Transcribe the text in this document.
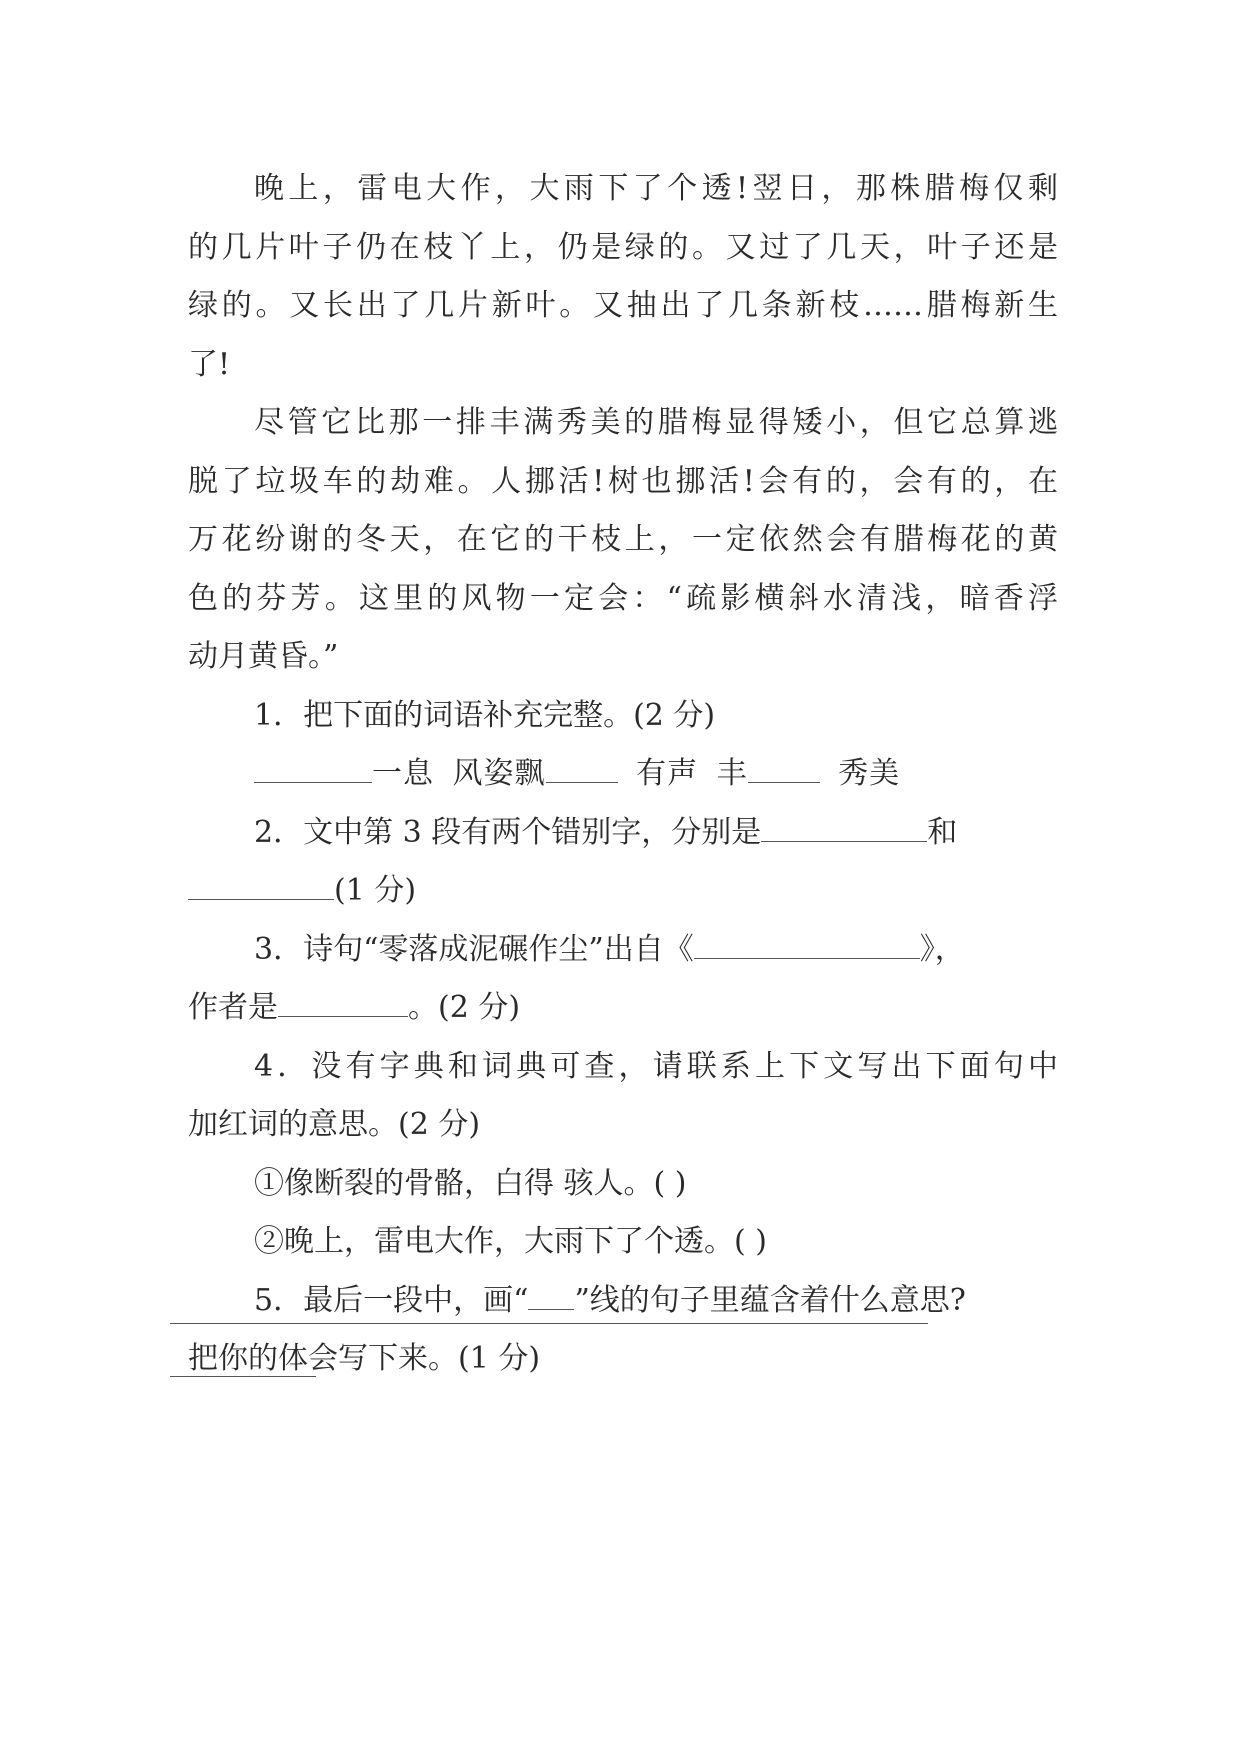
晚上，雷电大作，大雨下了个透!翌日，那株腊梅仅剩
的几片叶子仍在枝丫上，仍是绿的。又过了几天，叶子还是
绿的。又长出了几片新叶。又抽出了几条新枝……腊梅新生
了!
尽管它比那一排丰满秀美的腊梅显得矮小，但它总算逃
脱了垃圾车的劫难。人挪活!树也挪活!会有的，会有的，在
万花纷谢的冬天，在它的干枝上，一定依然会有腊梅花的黄
色的芬芳。这里的风物一定会：“疏影横斜水清浅，暗香浮
动月黄昏。”
1．把下面的词语补充完整。(2 分)
一息 风姿飘	有声 丰	秀美
2．文中第 3 段有两个错别字，分别是	和
(1 分)
3．诗句“零落成泥碾作尘”出自《	》，
作者是	。(2 分)
4．没有字典和词典可查，请联系上下文写出下面句中
加红词的意思。(2 分)
①像断裂的骨骼，白得 骇人。( )
②晚上，雷电大作，大雨下了个透。( )
5．最后一段中，画“ ”线的句子里蕴含着什么意思?
把你的体会写下来。(1 分)
